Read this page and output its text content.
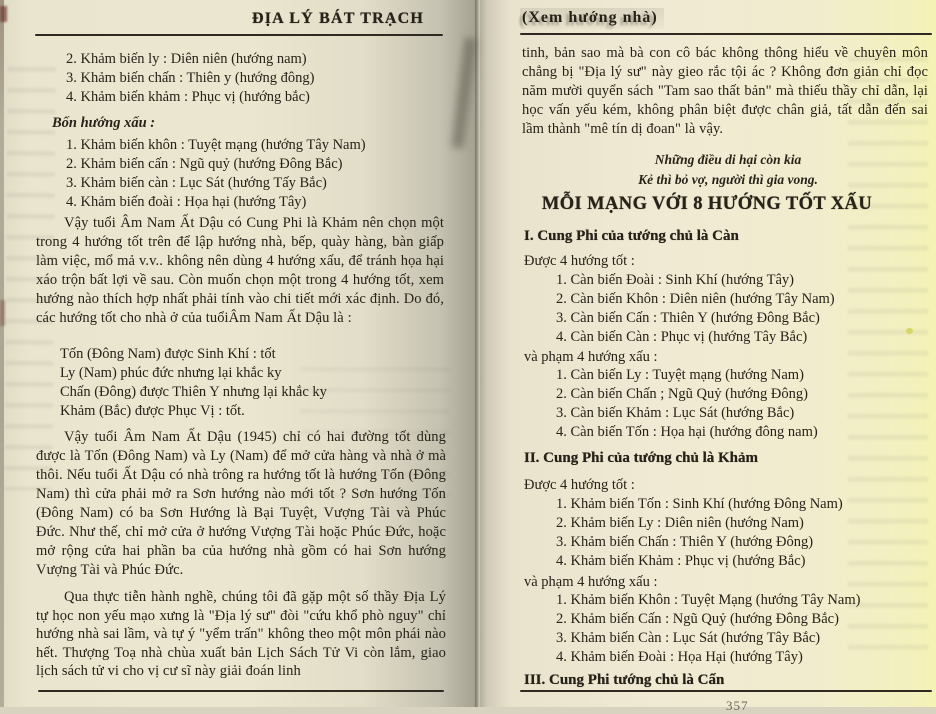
ĐỊA LÝ BÁT TRẠCH
2. Khảm biến ly : Diên niên (hướng nam)
3. Khảm biến chấn : Thiên y (hướng đông)
4. Khảm biến khảm : Phục vị (hướng bắc)
Bốn hướng xấu :
1. Khảm biến khôn : Tuyệt mạng (hướng Tây Nam)
2. Khảm biến cấn : Ngũ quỷ (hướng Đông Bắc)
3. Khảm biến càn : Lục Sát (hướng Tấy Bắc)
4. Khảm biến đoài : Họa hại (hướng Tây)
Vậy tuổi Âm Nam Ất Dậu có Cung Phi là Khảm nên chọn một trong 4 hướng tốt trên để lập hướng nhà, bếp, quày hàng, bàn giấp làm việc, mổ mả v.v.. không nên dùng 4 hướng xấu, để tránh họa hại xáo trộn bất lợi về sau. Còn muốn chọn một trong 4 hướng tốt, xem hướng nào thích hợp nhất phải tính vào chi tiết mới xác định. Do đó, các hướng tốt cho nhà ở của tuổiÂm Nam Ất Dậu là :
Tốn (Đông Nam) được Sinh Khí : tốt
Ly (Nam) phúc đức nhưng lại khắc ky
Chấn (Đông) được Thiên Y nhưng lại khắc ky
Khảm (Bắc) được Phục Vị : tốt.
Vậy tuổi Âm Nam Ất Dậu (1945) chỉ có hai đường tốt dùng được là Tốn (Đông Nam) và Ly (Nam) để mở cửa hàng và nhà ở mà thôi. Nếu tuổi Ất Dậu có nhà trông ra hướng tốt là hướng Tốn (Đông Nam) thì cửa phải mở ra Sơn hướng nào mới tốt ? Sơn hướng Tốn (Đông Nam) có ba Sơn Hướng là Bại Tuyệt, Vượng Tài và Phúc Đức. Như thế, chỉ mở cửa ở hướng Vượng Tài hoặc Phúc Đức, hoặc mở rộng cửa hai phần ba của hướng nhà gồm có hai Sơn hướng Vượng Tài và Phúc Đức.
Qua thực tiễn hành nghề, chúng tôi đã gặp một số thầy Địa Lý tự học non yếu mạo xưng là "Địa lý sư" đòi "cứu khổ phò nguy" chỉ hướng nhà sai lầm, và tự ý "yểm trấn" không theo một môn phái nào hết. Thượng Toạ nhà chùa xuất bản Lịch Sách Tử Vi còn lắm, giao lịch sách tử vi cho vị cư sĩ này giải đoán linh
(Xem hướng nhà)
tinh, bản sao mà bà con cô bác không thông hiểu về chuyên môn chẳng bị "Địa lý sư" này gieo rắc tội ác ? Không đơn giản chỉ đọc năm mười quyển sách "Tam sao thất bản" mà thiếu thầy chỉ dẫn, lại học vấn yếu kém, không phân biệt được chân giả, tất dẫn đến sai lầm thành "mê tín dị đoan" là vậy.
Những điều di hại còn kia
Kẻ thì bỏ vợ, người thì gia vong.
MỖI MẠNG VỚI 8 HƯỚNG TỐT XẤU
I. Cung Phi của tướng chủ là Càn
Được 4 hướng tốt :
1. Càn biến Đoài : Sinh Khí (hướng Tây)
2. Càn biến Khôn : Diên niên (hướng Tây Nam)
3. Càn biến Cấn : Thiên Y (hướng Đông Bắc)
4. Càn biến Càn : Phục vị (hướng Tây Bắc)
và phạm 4 hướng xấu :
1. Càn biến Ly : Tuyệt mạng (hướng Nam)
2. Càn biến Chấn ; Ngũ Quỷ (hướng Đông)
3. Càn biến Khảm : Lục Sát (hướng Bắc)
4. Càn biến Tốn : Họa hại (hướng đông nam)
II. Cung Phi của tướng chủ là Khảm
Được 4 hướng tốt :
1. Khảm biến Tốn : Sinh Khí (hướng Đông Nam)
2. Khảm biến Ly : Diên niên (hướng Nam)
3. Khảm biến Chấn : Thiên Y (hướng Đông)
4. Khảm biến Khảm : Phục vị (hướng Bắc)
và phạm 4 hướng xấu :
1. Khảm biến Khôn : Tuyệt Mạng (hướng Tây Nam)
2. Khảm biến Cấn : Ngũ Quỷ (hướng Đông Bắc)
3. Khảm biến Càn : Lục Sát (hướng Tây Bắc)
4. Khảm biến Đoài : Họa Hại (hướng Tây)
III. Cung Phi tướng chủ là Cấn
357
